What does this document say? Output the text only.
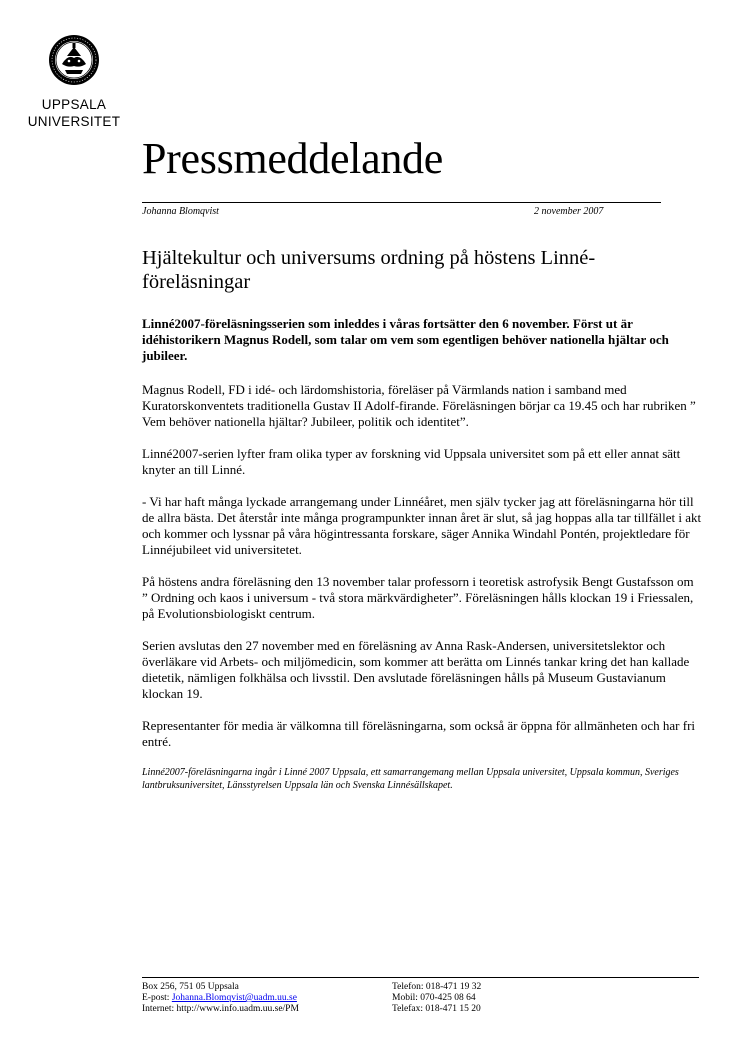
UPPSALA
UNIVERSITET
Pressmeddelande
Johanna Blomqvist	2 november 2007
Hjältekultur och universums ordning på höstens Linné-föreläsningar

Linné2007-föreläsningsserien som inleddes i våras fortsätter den 6 november. Först ut är idéhistorikern Magnus Rodell, som talar om vem som egentligen behöver nationella hjältar och jubileer.

Magnus Rodell, FD i idé- och lärdomshistoria, föreläser på Värmlands nation i samband med Kuratorskonventets traditionella Gustav II Adolf-firande. Föreläsningen börjar ca 19.45 och har rubriken ” Vem behöver nationella hjältar? Jubileer, politik och identitet”.

Linné2007-serien lyfter fram olika typer av forskning vid Uppsala universitet som på ett eller annat sätt knyter an till Linné.

- Vi har haft många lyckade arrangemang under Linnéåret, men själv tycker jag att föreläsningarna hör till de allra bästa. Det återstår inte många programpunkter innan året är slut, så jag hoppas alla tar tillfället i akt och kommer och lyssnar på våra högintressanta forskare, säger Annika Windahl Pontén, projektledare för Linnéjubileet vid universitetet.

På höstens andra föreläsning den 13 november talar professorn i teoretisk astrofysik Bengt Gustafsson om ” Ordning och kaos i universum - två stora märkvärdigheter”. Föreläsningen hålls klockan 19 i Friessalen, på Evolutionsbiologiskt centrum.

Serien avslutas den 27 november med en föreläsning av Anna Rask-Andersen, universitetslektor och överläkare vid Arbets- och miljömedicin, som kommer att berätta om Linnés tankar kring det han kallade dietetik, nämligen folkhälsa och livsstil. Den avslutade föreläsningen hålls på Museum Gustavianum klockan 19.

Representanter för media är välkomna till föreläsningarna, som också är öppna för allmänheten och har fri entré.

Linné2007-föreläsningarna ingår i Linné 2007 Uppsala, ett samarrangemang mellan Uppsala universitet, Uppsala kommun, Sveriges lantbruksuniversitet, Länsstyrelsen Uppsala län och Svenska Linnésällskapet.

Box 256, 751 05 Uppsala
E-post: Johanna.Blomqvist@uadm.uu.se
Internet: http://www.info.uadm.uu.se/PM
Telefon: 018-471 19 32
Mobil: 070-425 08 64
Telefax: 018-471 15 20
